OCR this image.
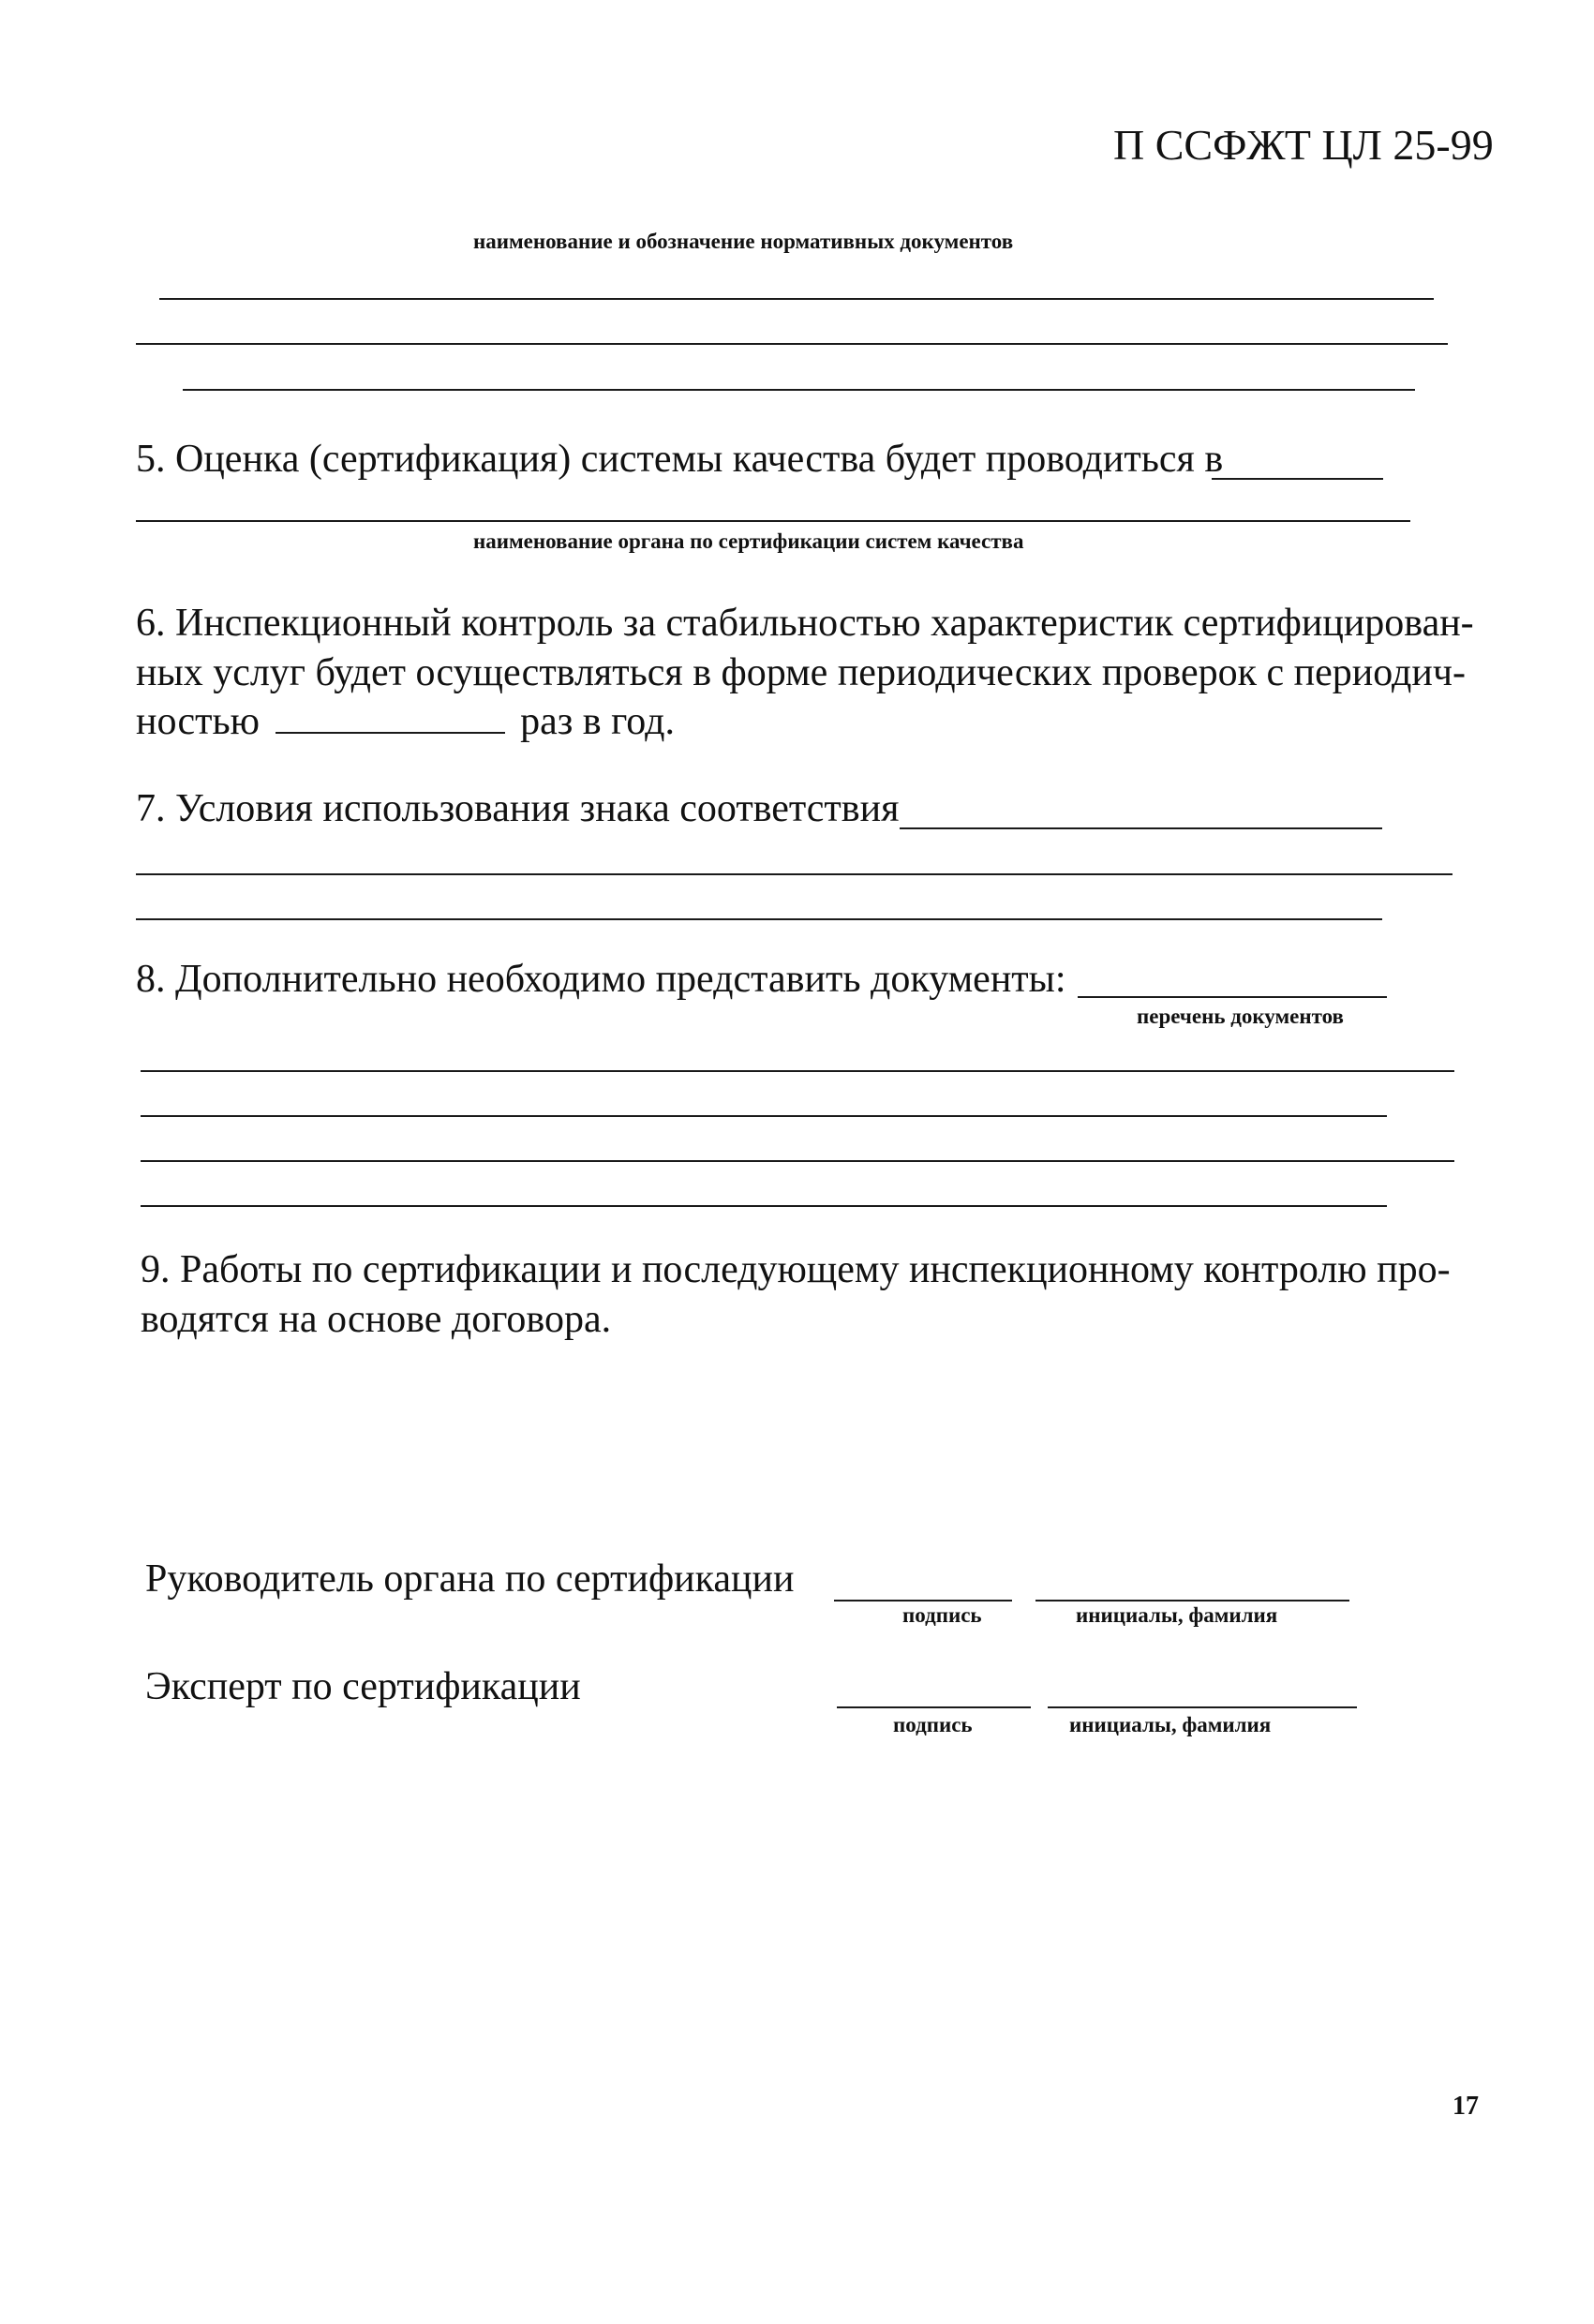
П ССФЖТ ЦЛ 25-99
наименование и обозначение нормативных документов
5. Оценка (сертификация) системы качества будет проводиться в
наименование органа по сертификации систем качества
6. Инспекционный контроль за стабильностью характеристик сертифицирован-
ных услуг будет осуществляться в форме периодических проверок с периодич-
ностью	раз в год.
7. Условия использования знака соответствия
8. Дополнительно необходимо представить документы:
перечень документов
9. Работы по сертификации и последующему инспекционному контролю про-
водятся на основе договора.
Руководитель органа по сертификации
подпись	инициалы, фамилия
Эксперт по сертификации
подпись	инициалы, фамилия
17
